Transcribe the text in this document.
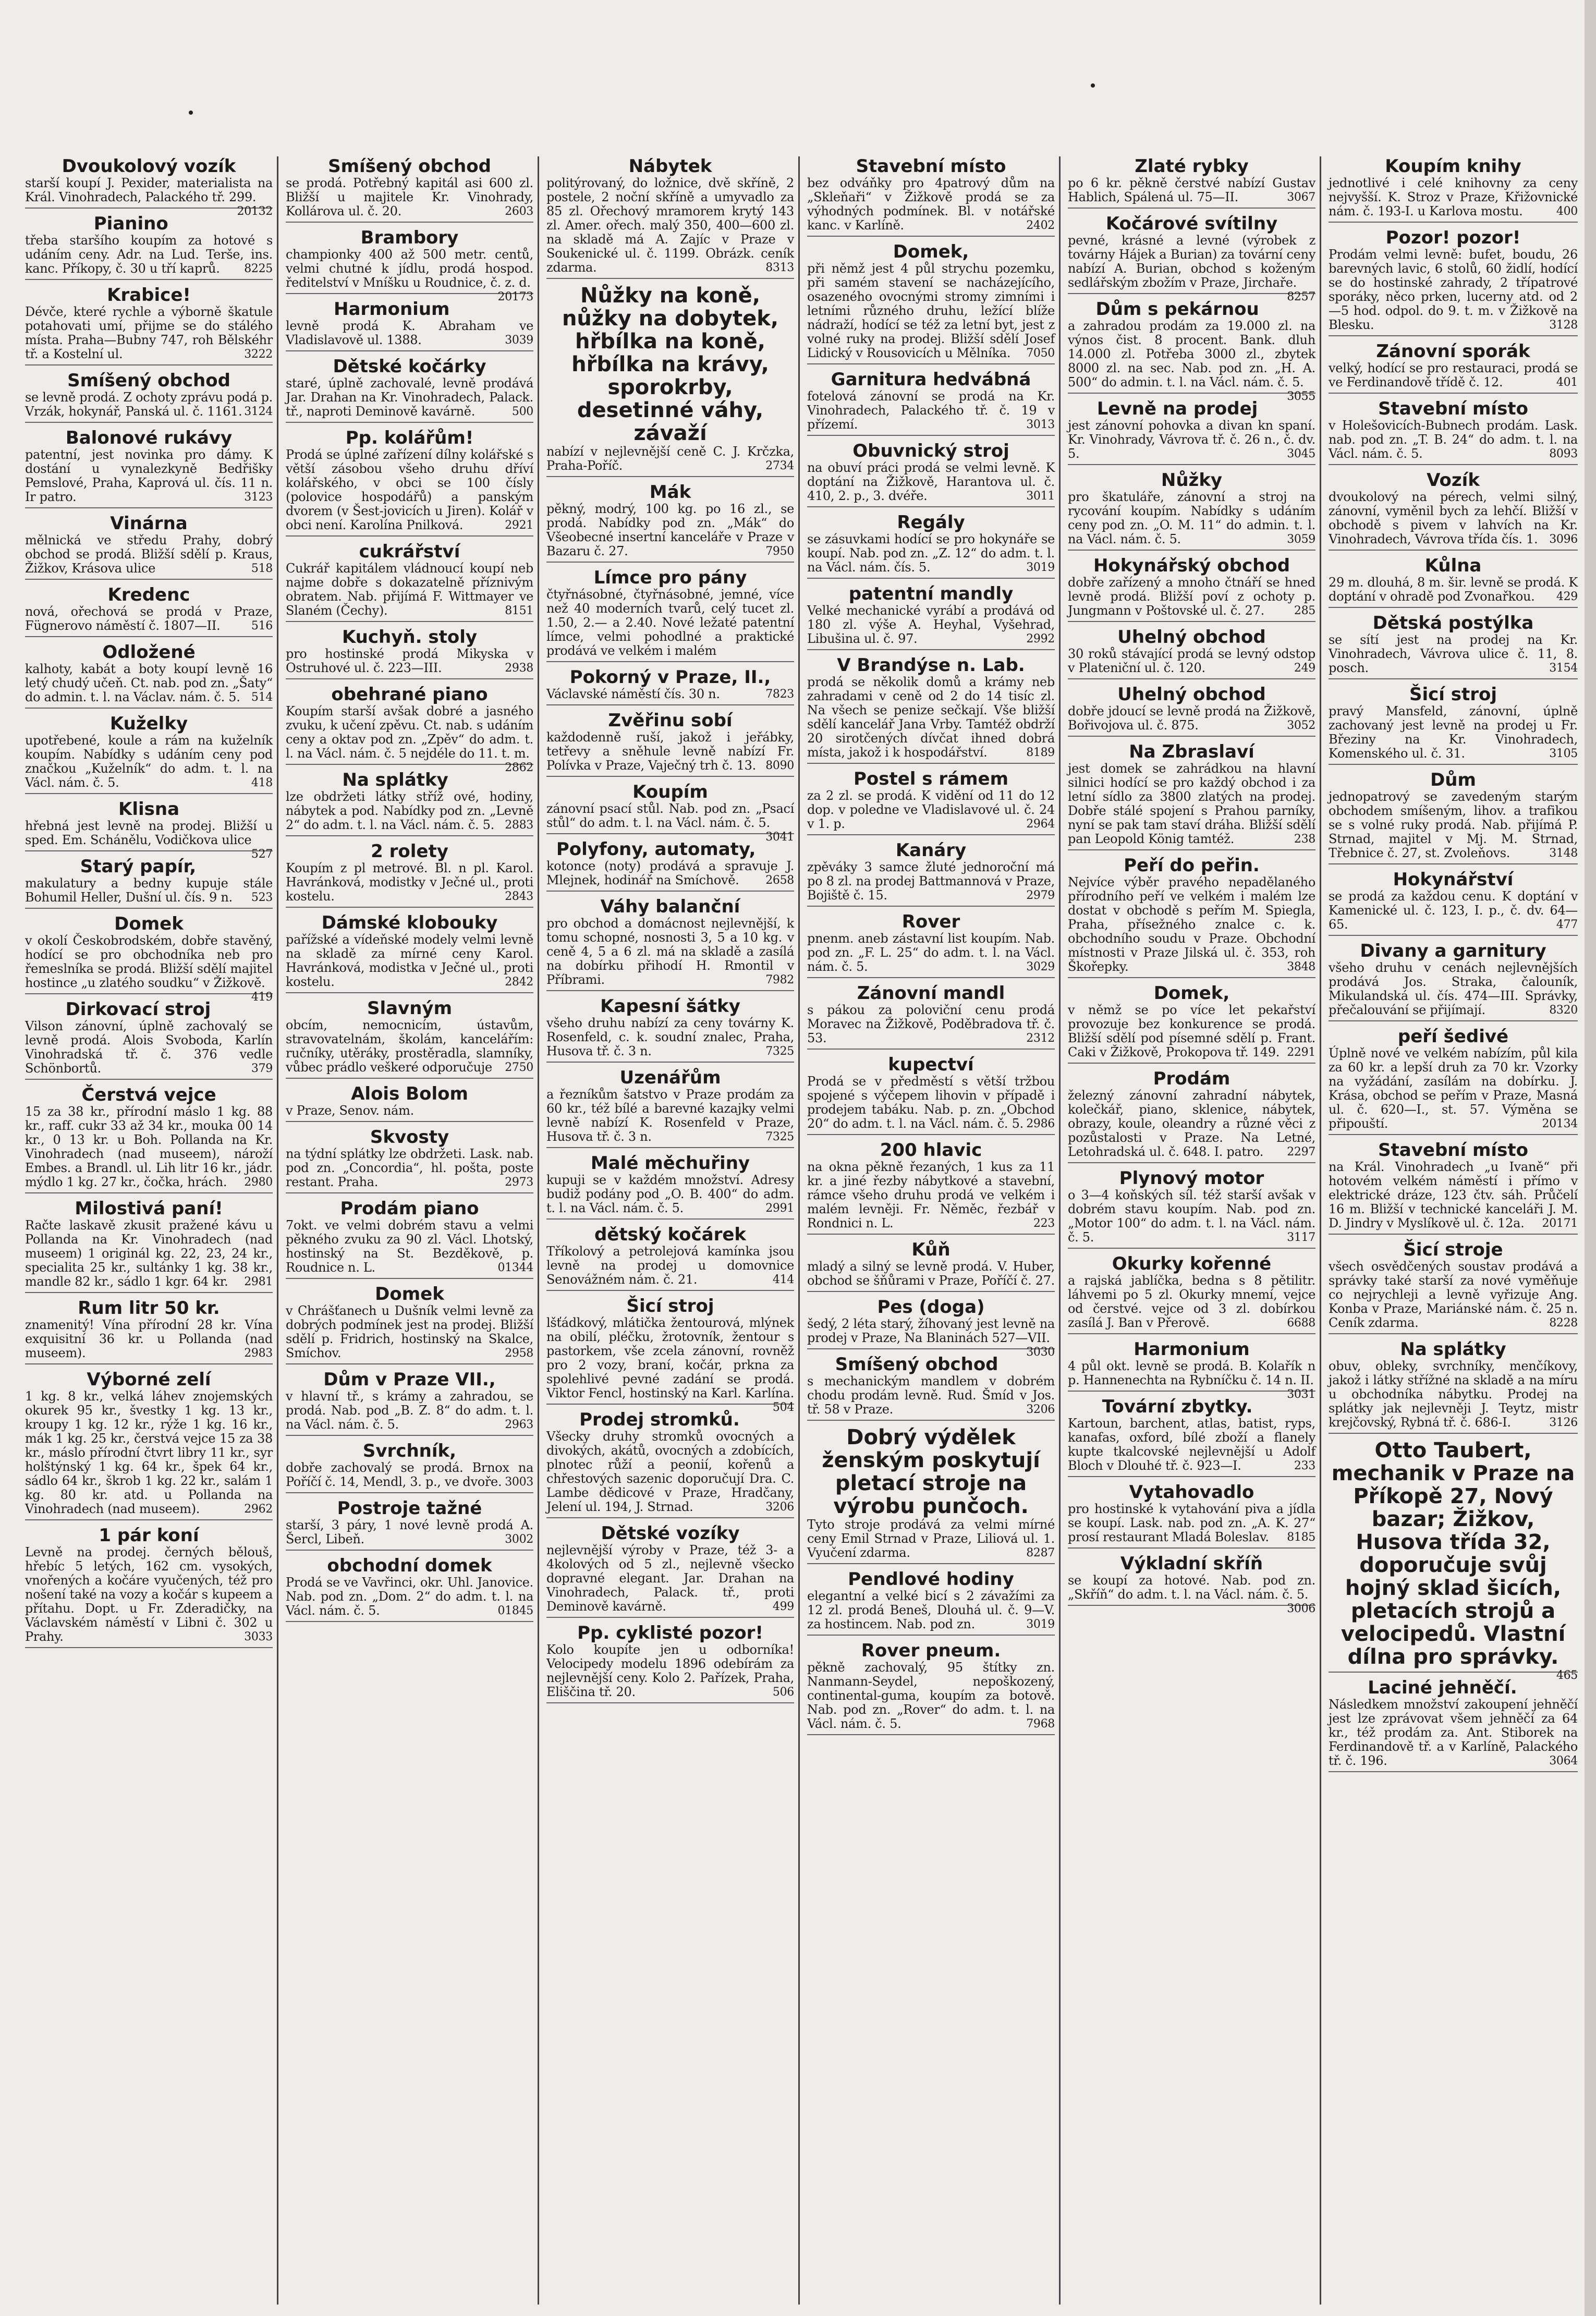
Dvoukolový vozík

starší koupí J. Pexider, materialista na Král. Vinohradech, Palackého tř. 299.
20132

Pianino

třeba staršího koupím za hotové s udáním ceny. Adr. na Lud. Terše, ins. kanc. Příkopy, č. 30 u tří kaprů. 8225

Krabice!

Dévče, které rychle a výborně škatule potahovati umí, přijme se do stálého místa. Praha—Bubny 747, roh Bělskéhr tř. a Kostelní ul.	3222

Smíšený obchod

se levně prodá. Z ochoty zprávu podá p. Vrzák, hokynář, Panská ul. č. 1161. 3124

Balonové rukávy

patentní, jest novinka pro dámy. K dostání u vynalezkyně Bedřišky Pemslové, Praha, Kaprová ul. čís. 11 n. Ir patro.	3123

Vinárna

mělnická ve středu Prahy, dobrý obchod se prodá. Bližší sdělí p. Kraus, Žižkov, Krásova ulice	518

Kredenc

nová, ořechová se prodá v Praze, Fügnerovo náměstí č. 1807—II.	516

Odložené

kalhoty, kabát a boty koupí levně 16 letý chudý učeň. Ct. nab. pod zn. „Šaty“ do admin. t. l. na Václav. nám. č. 5. 514

Kuželky

upotřebené, koule a rám na kuželník koupím. Nabídky s udáním ceny pod značkou „Kuželník“ do adm. t. l. na Václ. nám. č. 5.	418

Klisna

hřebná jest levně na prodej. Bližší u sped. Em. Schánělu, Vodičkova ulice
527

Starý papír,

makulatury a bedny kupuje stále Bohumil Heller, Dušní ul. čís. 9 n. 523

Domek

v okolí Českobrodském, dobře stavěný, hodící se pro obchodníka neb pro řemeslníka se prodá. Bližší sdělí majitel hostince „u zlatého soudku“ v Žižkově.
419

Dirkovací stroj

Vilson zánovní, úplně zachovalý se levně prodá. Alois Svoboda, Karlín Vinohradská tř. č. 376 vedle Schönbortů.	379

Čerstvá vejce

15 za 38 kr., přírodní máslo 1 kg. 88 kr., raff. cukr 33 až 34 kr., mouka 00 14 kr., 0 13 kr. u Boh. Pollanda na Kr. Vinohradech (nad museem), nároží Embes. a Brandl. ul. Lih litr 16 kr., jádr. mýdlo 1 kg. 27 kr., čočka, hrách. 2980

Milostivá paní!

Račte laskavě zkusit pražené kávu u Pollanda na Kr. Vinohradech (nad museem) 1 originál kg. 22, 23, 24 kr., specialita 25 kr., sultánky 1 kg. 38 kr., mandle 82 kr., sádlo 1 kgr. 64 kr. 2981

Rum litr 50 kr.

znamenitý! Vína přírodní 28 kr. Vína exquisitní 36 kr. u Pollanda (nad museem).	2983

Výborné zelí

1 kg. 8 kr., velká láhev znojemských okurek 95 kr., švestky 1 kg. 13 kr., kroupy 1 kg. 12 kr., rýže 1 kg. 16 kr., mák 1 kg. 25 kr., čerstvá vejce 15 za 38 kr., máslo přírodní čtvrt libry 11 kr., syr holštýnský 1 kg. 64 kr., špek 64 kr., sádlo 64 kr., škrob 1 kg. 22 kr., salám 1 kg. 80 kr. atd. u Pollanda na Vinohradech (nad museem).	2962

1 pár koní

Levně na prodej. černých bělouš, hřebíc 5 letých, 162 cm. vysokých, vnořených a kočáre vyučených, též pro nošení také na vozy a kočár s kupeem a přítahu. Dopt. u Fr. Zderadičky, na Václavském náměstí v Libni č. 302 u Prahy.	3033

Smíšený obchod

se prodá. Potřebný kapitál asi 600 zl. Bližší u majitele Kr. Vinohrady, Kollárova ul. č. 20.	2603

Brambory

championky 400 až 500 metr. centů, velmi chutné k jídlu, prodá hospod. ředitelství v Mníšku u Roudnice, č. z. d.
20173

Harmonium

levně prodá K. Abraham ve Vladislavově ul. 1388.	3039

Dětské kočárky

staré, úplně zachovalé, levně prodává Jar. Drahan na Kr. Vinohradech, Palack. tř., naproti Deminově kavárně.	500

Pp. kolářům!

Prodá se úplné zařízení dílny kolářské s větší zásobou všeho druhu dříví kolářského, v obci se 100 čísly (polovice hospodářů) a panským dvorem (v Šest-jovicích u Jiren). Kolář v obci není. Karolína Pnilková.	2921

cukrářství

Cukrář kapitálem vládnoucí koupí neb najme dobře s dokazatelně příznivým obratem. Nab. přijímá F. Wittmayer ve Slaném (Čechy).	8151

Kuchyň. stoly

pro hostinské prodá Mikyska v Ostruhové ul. č. 223—III.	2938

obehrané piano

Koupím starší avšak dobré a jasného zvuku, k učení zpěvu. Ct. nab. s udáním ceny a oktav pod zn. „Zpěv“ do adm. t. l. na Václ. nám. č. 5 nejdéle do 11. t. m.
2862

Na splátky

lze obdržeti látky stříž ové, hodiny, nábytek a pod. Nabídky pod zn. „Levně 2“ do adm. t. l. na Václ. nám. č. 5. 2883

2 rolety

Koupím z pl metrové. Bl. n pl. Karol. Havránková, modistky v Ječné ul., proti kostelu.	2843

Dámské klobouky

pařížské a vídeňské modely velmi levně na skladě za mírné ceny Karol. Havránková, modistka v Ječné ul., proti kostelu.	2842

Slavným

obcím, nemocnicím, ústavům, stravovatelnám, školám, kancelářím: ručníky, utěráky, prostěradla, slamníky, vůbec prádlo veškeré odporučuje 2750

Alois Bolom

v Praze, Senov. nám.

Skvosty

na týdní splátky lze obdržeti. Lask. nab. pod zn. „Concordia“, hl. pošta, poste restant. Praha.	2973

Prodám piano

7okt. ve velmi dobrém stavu a velmi pěkného zvuku za 90 zl. Václ. Lhotský, hostinský na St. Bezděkově, p. Roudnice n. L.	01344

Domek

v Chrášťanech u Dušník velmi levně za dobrých podmínek jest na prodej. Bližší sdělí p. Fridrich, hostinský na Skalce, Smíchov.	2958

Dům v Praze VII.,

v hlavní tř., s krámy a zahradou, se prodá. Nab. pod „B. Z. 8“ do adm. t. l. na Václ. nám. č. 5.	2963

Svrchník,

dobře zachovalý se prodá. Brnox na Poříčí č. 14, Mendl, 3. p., ve dvoře. 3003

Postroje tažné

starší, 3 páry, 1 nové levně prodá A. Šercl, Libeň.	3002

obchodní domek

Prodá se ve Vavřinci, okr. Uhl. Janovice. Nab. pod zn. „Dom. 2“ do adm. t. l. na Václ. nám. č. 5.	01845

Nábytek

politýrovaný, do ložnice, dvě skříně, 2 postele, 2 noční skříně a umyvadlo za 85 zl. Ořechový mramorem krytý 143 zl. Amer. ořech. malý 350, 400—600 zl. na skladě má A. Zajíc v Praze v Soukenické ul. č. 1199. Obrázk. ceník zdarma.	8313

Nůžky na koně, nůžky na dobytek, hřbílka na koně, hřbílka na krávy, sporokrby, desetinné váhy, závaží

nabízí v nejlevnější ceně C. J. Krčzka, Praha-Poříč.	2734

Mák

pěkný, modrý, 100 kg. po 16 zl., se prodá. Nabídky pod zn. „Mák“ do Všeobecné insertní kanceláře v Praze v Bazaru č. 27.	7950

Límce pro pány

čtyřnásobné, čtyřnásobné, jemné, více než 40 moderních tvarů, celý tucet zl. 1.50, 2.— a 2.40. Nové ležaté patentní límce, velmi pohodlné a praktické prodává ve velkém i malém

Pokorný v Praze, II.,

Václavské náměstí čís. 30 n.	7823

Zvěřinu sobí

každodenně ruší, jakož i jeřábky, tetřevy a sněhule levně nabízí Fr. Polívka v Praze, Vaječný trh č. 13. 8090

Koupím

zánovní psací stůl. Nab. pod zn. „Psací stůl“ do adm. t. l. na Václ. nám. č. 5.
3041

Polyfony, automaty,

kotonce (noty) prodává a spravuje J. Mlejnek, hodinář na Smíchově. 2658

Váhy balanční

pro obchod a domácnost nejlevnější, k tomu schopné, nosnosti 3, 5 a 10 kg. v ceně 4, 5 a 6 zl. má na skladě a zasílá na dobírku přihodí H. Rmontil v Příbrami.	7982

Kapesní šátky

všeho druhu nabízí za ceny továrny K. Rosenfeld, c. k. soudní znalec, Praha, Husova tř. č. 3 n.	7325

Uzenářům

a řezníkům šatstvo v Praze prodám za 60 kr., též bílé a barevné kazajky velmi levně nabízí K. Rosenfeld v Praze, Husova tř. č. 3 n.	7325

Malé měchuřiny

kupuji se v každém množství. Adresy budiž podány pod „O. B. 400“ do adm. t. l. na Václ. nám. č. 5.	2991

dětský kočárek

Tříkolový a petrolejová kamínka jsou levně na prodej u domovnice Senovážném nám. č. 21.	414

Šicí stroj

lšťádkový, mlátička žentourová, mlýnek na obilí, pléčku, žrotovník, žentour s pastorkem, vše zcela zánovní, rovněž pro 2 vozy, braní, kočár, prkna za spolehlivé pevné zadání se prodá. Viktor Fencl, hostinský na Karl. Karlína.
504

Prodej stromků.

Všecky druhy stromků ovocných a divokých, akátů, ovocných a zdobících, plnotec růží a peonií, kořenů a chřestových sazenic doporučují Dra. C. Lambe dědicové v Praze, Hradčany, Jelení ul. 194, J. Strnad.	3206

Dětské vozíky

nejlevnější výroby v Praze, též 3- a 4kolových od 5 zl., nejlevně všecko dopravné elegant. Jar. Drahan na Vinohradech, Palack. tř., proti Deminově kavárně.	499

Pp. cyklisté pozor!

Kolo koupíte jen u odborníka! Velocipedy modelu 1896 odebírám za nejlevnější ceny. Kolo 2. Pařízek, Praha, Eliščina tř. 20.	506

Stavební místo

bez odváňky pro 4patrový dům na „Skleňaři“ v Žižkově prodá se za výhodných podmínek. Bl. v notářské kanc. v Karlíně.	2402

Domek,

při němž jest 4 půl strychu pozemku, při samém stavení se nacházejícího, osazeného ovocnými stromy zimními i letními různého druhu, ležící blíže nádraží, hodící se též za letní byt, jest z volné ruky na prodej. Bližší sdělí Josef Lidický v Rousovicích u Mělníka. 7050

Garnitura hedvábná

fotelová zánovní se prodá na Kr. Vinohradech, Palackého tř. č. 19 v přízemí.	3013

Obuvnický stroj

na obuví práci prodá se velmi levně. K doptání na Žižkově, Harantova ul. č. 410, 2. p., 3. dvéře.	3011

Regály

se zásuvkami hodící se pro hokynáře se koupí. Nab. pod zn. „Z. 12“ do adm. t. l. na Václ. nám. čís. 5.	3019

patentní mandly

Velké mechanické vyrábí a prodává od 180 zl. výše A. Heyhal, Vyšehrad, Libušina ul. č. 97.	2992

V Brandýse n. Lab.

prodá se několik domů a krámy neb zahradami v ceně od 2 do 14 tisíc zl. Na všech se penize sečkají. Vše bližší sdělí kancelář Jana Vrby. Tamtéž obdrží 20 sirotčených dívčat ihned dobrá místa, jakož i k hospodářství.	8189

Postel s rámem

za 2 zl. se prodá. K vidění od 11 do 12 dop. v poledne ve Vladislavové ul. č. 24 v 1. p.	2964

Kanáry

zpěváky 3 samce žluté jednoroční má po 8 zl. na prodej Battmannová v Praze, Bojiště č. 15.	2979

Rover

pnenm. aneb zástavní list koupím. Nab. pod zn. „F. L. 25“ do adm. t. l. na Václ. nám. č. 5.	3029

Zánovní mandl

s pákou za poloviční cenu prodá Moravec na Žižkově, Poděbradova tř. č. 53.	2312

kupectví

Prodá se v předměstí s větší tržbou spojené s výčepem lihovin v případě i prodejem tabáku. Nab. p. zn. „Obchod 20“ do adm. t. l. na Václ. nám. č. 5. 2986

200 hlavic

na okna pěkně řezaných, 1 kus za 11 kr. a jiné řezby nábytkové a stavební, rámce všeho druhu prodá ve velkém i malém levněji. Fr. Něměc, řezbář v Rondnici n. L.	223

Kůň

mladý a silný se levně prodá. V. Huber, obchod se šňůrami v Praze, Poříčí č. 27.

Pes (doga)

šedý, 2 léta starý, žíhovaný jest levně na prodej v Praze, Na Blaninách 527—VII.
3030

Smíšený obchod

s mechanickým mandlem v dobrém chodu prodám levně. Rud. Šmíd v Jos. tř. 58 v Praze.	3206

Dobrý výdělek ženským poskytují pletací stroje na výrobu punčoch.

Tyto stroje prodává za velmi mírné ceny Emil Strnad v Praze, Liliová ul. 1. Vyučení zdarma.	8287

Pendlové hodiny

elegantní a velké bicí s 2 závažími za 12 zl. prodá Beneš, Dlouhá ul. č. 9—V. za hostincem. Nab. pod zn.	3019

Rover pneum.

pěkně zachovalý, 95 štítky zn. Nanmann-Seydel, nepoškozený, continental-guma, koupím za botově. Nab. pod zn. „Rover“ do adm. t. l. na Václ. nám. č. 5.	7968

Zlaté rybky

po 6 kr. pěkně čerstvé nabízí Gustav Hablich, Spálená ul. 75—II.	3067

Kočárové svítilny

pevné, krásné a levné (výrobek z továrny Hájek a Burian) za tovární ceny nabízí A. Burian, obchod s koženým sedlářským zbožím v Praze, Jirchaře.
8257

Dům s pekárnou

a zahradou prodám za 19.000 zl. na výnos čist. 8 procent. Bank. dluh 14.000 zl. Potřeba 3000 zl., zbytek 8000 zl. na sec. Nab. pod zn. „H. A. 500“ do admin. t. l. na Václ. nám. č. 5.
3055

Levně na prodej

jest zánovní pohovka a divan kn spaní. Kr. Vinohrady, Vávrova tř. č. 26 n., č. dv. 5.	3045

Nůžky

pro škatuláře, zánovní a stroj na rycování koupím. Nabídky s udáním ceny pod zn. „O. M. 11“ do admin. t. l. na Václ. nám. č. 5.	3059

Hokynářský obchod

dobře zařízený a mnoho čtnáří se hned levně prodá. Bližší poví z ochoty p. Jungmann v Poštovské ul. č. 27.	285

Uhelný obchod

30 roků stávající prodá se levný odstop v Plateniční ul. č. 120.	249

Uhelný obchod

dobře jdoucí se levně prodá na Žižkově, Bořivojova ul. č. 875.	3052

Na Zbraslaví

jest domek se zahrádkou na hlavní silnici hodící se pro každý obchod i za letní sídlo za 3800 zlatých na prodej. Dobře stálé spojení s Prahou parníky, nyní se pak tam staví dráha. Bližší sdělí pan Leopold König tamtéž.	238

Peří do peřin.

Nejvíce výběr pravého nepadělaného přírodního peří ve velkém i malém lze dostat v obchodě s peřím M. Spiegla, Praha, přísežného znalce c. k. obchodního soudu v Praze. Obchodní místnosti v Praze Jilská ul. č. 353, roh Škořepky.	3848

Domek,

v němž se po více let pekařství provozuje bez konkurence se prodá. Bližší sdělí pod písemné sdělí p. Frant. Caki v Žižkově, Prokopova tř. 149. 2291

Prodám

železný zánovní zahradní nábytek, kolečkář, piano, sklenice, nábytek, obrazy, koule, oleandry a různé věci z pozůstalosti v Praze. Na Letné, Letohradská ul. č. 648. I. patro. 2297

Plynový motor

o 3—4 koňských síl. též starší avšak v dobrém stavu koupím. Nab. pod zn. „Motor 100“ do adm. t. l. na Václ. nám. č. 5.	3117

Okurky kořenné

a rajská jablíčka, bedna s 8 pětilitr. láhvemi po 5 zl. Okurky mnemí, vejce od čerstvé. vejce od 3 zl. dobírkou zasílá J. Ban v Přerově.	6688

Harmonium

4 půl okt. levně se prodá. B. Kolařík n p. Hannenechta na Rybníčku č. 14 n. II.
3031

Tovární zbytky.

Kartoun, barchent, atlas, batist, ryps, kanafas, oxford, bílé zboží a flanely kupte tkalcovské nejlevnější u Adolf Bloch v Dlouhé tř. č. 923—I.	233

Vytahovadlo

pro hostinské k vytahování piva a jídla se koupí. Lask. nab. pod zn. „A. K. 27“ prosí restaurant Mladá Boleslav. 8185

Výkladní skříň

se koupí za hotové. Nab. pod zn. „Skříň“ do adm. t. l. na Václ. nám. č. 5.
3006

Koupím knihy

jednotlivé i celé knihovny za ceny nejvyšší. K. Stroz v Praze, Křižovnické nám. č. 193-I. u Karlova mostu.	400

Pozor! pozor!

Prodám velmi levně: bufet, boudu, 26 barevných lavic, 6 stolů, 60 židlí, hodící se do hostinské zahrady, 2 třípatrové sporáky, něco prken, lucerny atd. od 2—5 hod. odpol. do 9. t. m. v Žižkově na Blesku.	3128

Zánovní sporák

velký, hodící se pro restauraci, prodá se ve Ferdinandově třídě č. 12.	401

Stavební místo

v Holešovicích-Bubnech prodám. Lask. nab. pod zn. „T. B. 24“ do adm. t. l. na Václ. nám. č. 5.	8093

Vozík

dvoukolový na pérech, velmi silný, zánovní, vyměnil bych za lehčí. Bližší v obchodě s pivem v lahvích na Kr. Vinohradech, Vávrova třída čís. 1. 3096

Kůlna

29 m. dlouhá, 8 m. šir. levně se prodá. K doptání v ohradě pod Zvonařkou. 429

Dětská postýlka

se sítí jest na prodej na Kr. Vinohradech, Vávrova ulice č. 11, 8. posch.	3154

Šicí stroj

pravý Mansfeld, zánovní, úplně zachovaný jest levně na prodej u Fr. Březiny na Kr. Vinohradech, Komenského ul. č. 31.	3105

Dům

jednopatrový se zavedeným starým obchodem smíšeným, lihov. a trafikou se s volné ruky prodá. Nab. přijímá P. Strnad, majitel v Mj. M. Strnad, Třebnice č. 27, st. Zvoleňovs.	3148

Hokynářství

se prodá za každou cenu. K doptání v Kamenické ul. č. 123, I. p., č. dv. 64—65.	477

Divany a garnitury

všeho druhu v cenách nejlevnějších prodává Jos. Straka, čalouník, Mikulandská ul. čís. 474—III. Správky, přečalouvání se přijímají.	8320

peří šedivé

Úplně nové ve velkém nabízím, půl kila za 60 kr. a lepší druh za 70 kr. Vzorky na vyžádání, zasílám na dobírku. J. Krása, obchod se peřím v Praze, Masná ul. č. 620—I., st. 57. Výměna se připouští.	20134

Stavební místo

na Král. Vinohradech „u Ivaně“ při hotovém velkém náměstí i přímo v elektrické dráze, 123 čtv. sáh. Průčelí 16 m. Bližší v technické kanceláři J. M. D. Jindry v Myslíkově ul. č. 12a. 20171

Šicí stroje

všech osvědčených soustav prodává a správky také starší za nové vyměňuje co nejrychleji a levně vyřizuje Ang. Konba v Praze, Mariánské nám. č. 25 n. Ceník zdarma.	8228

Na splátky

obuv, obleky, svrchníky, menčíkovy, jakož i látky střížné na skladě a na míru u obchodníka nábytku. Prodej na splátky jak nejlevněji J. Teytz, mistr krejčovský, Rybná tř. č. 686-I.	3126

Otto Taubert, mechanik v Praze na Příkopě 27, Nový bazar; Žižkov, Husova třída 32, doporučuje svůj hojný sklad šicích, pletacích strojů a velocipedů. Vlastní dílna pro správky.

465

Laciné jehněčí.

Následkem množství zakoupení jehněčí jest lze zprávovat všem jehněčí za 64 kr., též prodám za. Ant. Stiborek na Ferdinandově tř. a v Karlíně, Palackého tř. č. 196.	3064
